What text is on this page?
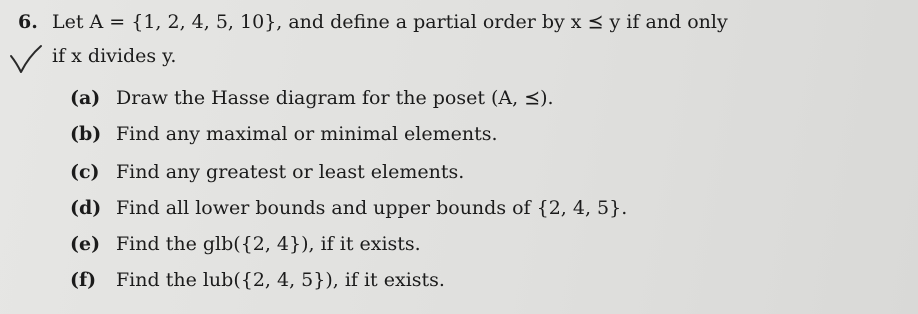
6. Let A = {1, 2, 4, 5, 10}, and define a partial order by x ⪯ y if and only
if x divides y.
(a) Draw the Hasse diagram for the poset (A, ⪯).
(b) Find any maximal or minimal elements.
(c) Find any greatest or least elements.
(d) Find all lower bounds and upper bounds of {2, 4, 5}.
(e) Find the glb({2, 4}), if it exists.
(f) Find the lub({2, 4, 5}), if it exists.
